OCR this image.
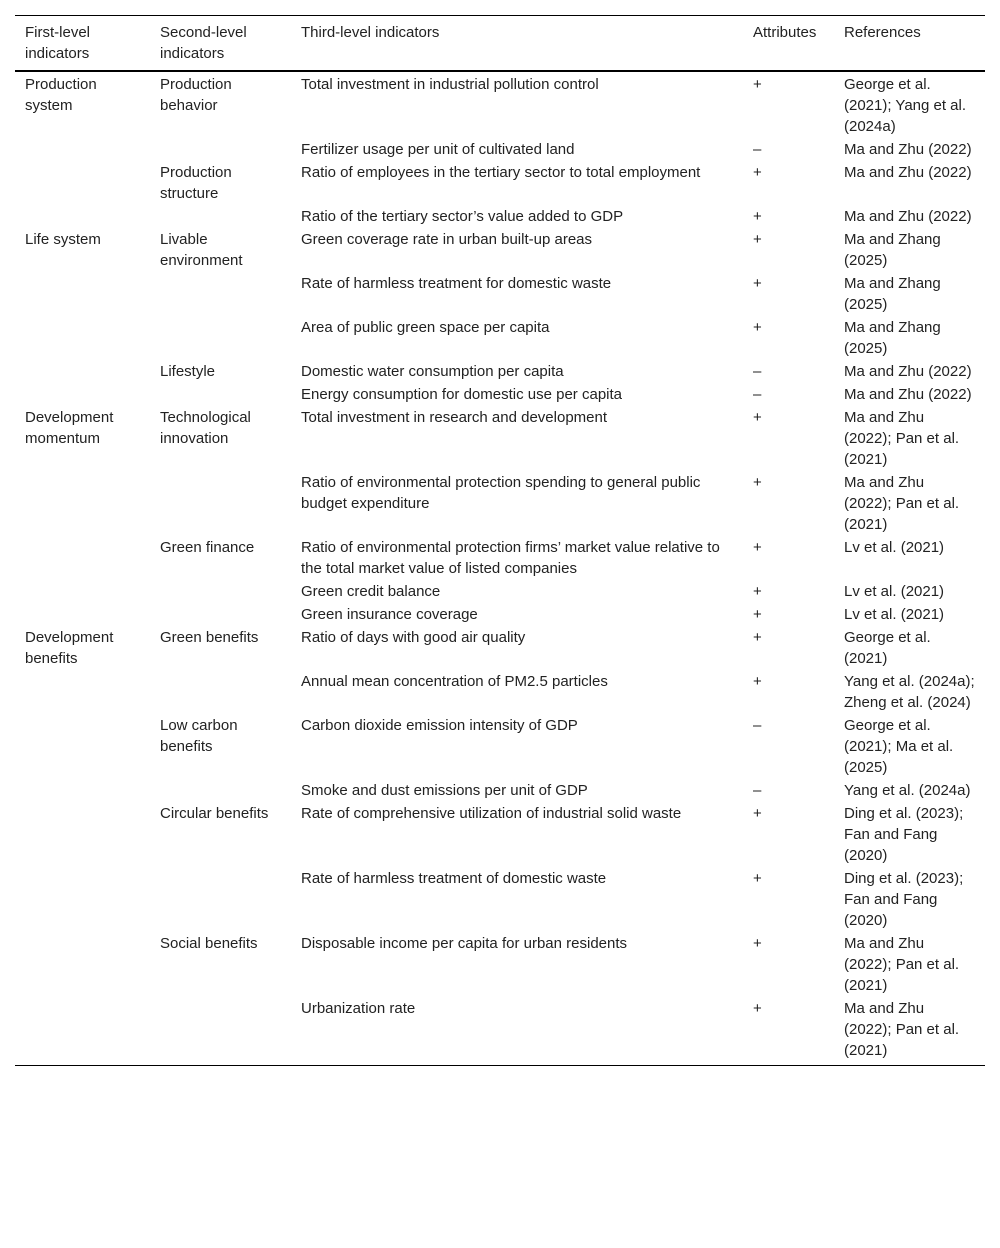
First-level indicators	Second-level indicators	Third-level indicators	Attributes	References
Production system	Production behavior	Total investment in industrial pollution control	+	George et al. (2021); Yang et al. (2024a)
		Fertilizer usage per unit of cultivated land	–	Ma and Zhu (2022)
	Production structure	Ratio of employees in the tertiary sector to total employment	+	Ma and Zhu (2022)
		Ratio of the tertiary sector’s value added to GDP	+	Ma and Zhu (2022)
Life system	Livable environment	Green coverage rate in urban built-up areas	+	Ma and Zhang (2025)
		Rate of harmless treatment for domestic waste	+	Ma and Zhang (2025)
		Area of public green space per capita	+	Ma and Zhang (2025)
	Lifestyle	Domestic water consumption per capita	–	Ma and Zhu (2022)
		Energy consumption for domestic use per capita	–	Ma and Zhu (2022)
Development momentum	Technological innovation	Total investment in research and development	+	Ma and Zhu (2022); Pan et al. (2021)
		Ratio of environmental protection spending to general public budget expenditure	+	Ma and Zhu (2022); Pan et al. (2021)
	Green finance	Ratio of environmental protection firms’ market value relative to the total market value of listed companies	+	Lv et al. (2021)
		Green credit balance	+	Lv et al. (2021)
		Green insurance coverage	+	Lv et al. (2021)
Development benefits	Green benefits	Ratio of days with good air quality	+	George et al. (2021)
		Annual mean concentration of PM2.5 particles	+	Yang et al. (2024a); Zheng et al. (2024)
	Low carbon benefits	Carbon dioxide emission intensity of GDP	–	George et al. (2021); Ma et al. (2025)
		Smoke and dust emissions per unit of GDP	–	Yang et al. (2024a)
	Circular benefits	Rate of comprehensive utilization of industrial solid waste	+	Ding et al. (2023); Fan and Fang (2020)
		Rate of harmless treatment of domestic waste	+	Ding et al. (2023); Fan and Fang (2020)
	Social benefits	Disposable income per capita for urban residents	+	Ma and Zhu (2022); Pan et al. (2021)
		Urbanization rate	+	Ma and Zhu (2022); Pan et al. (2021)
